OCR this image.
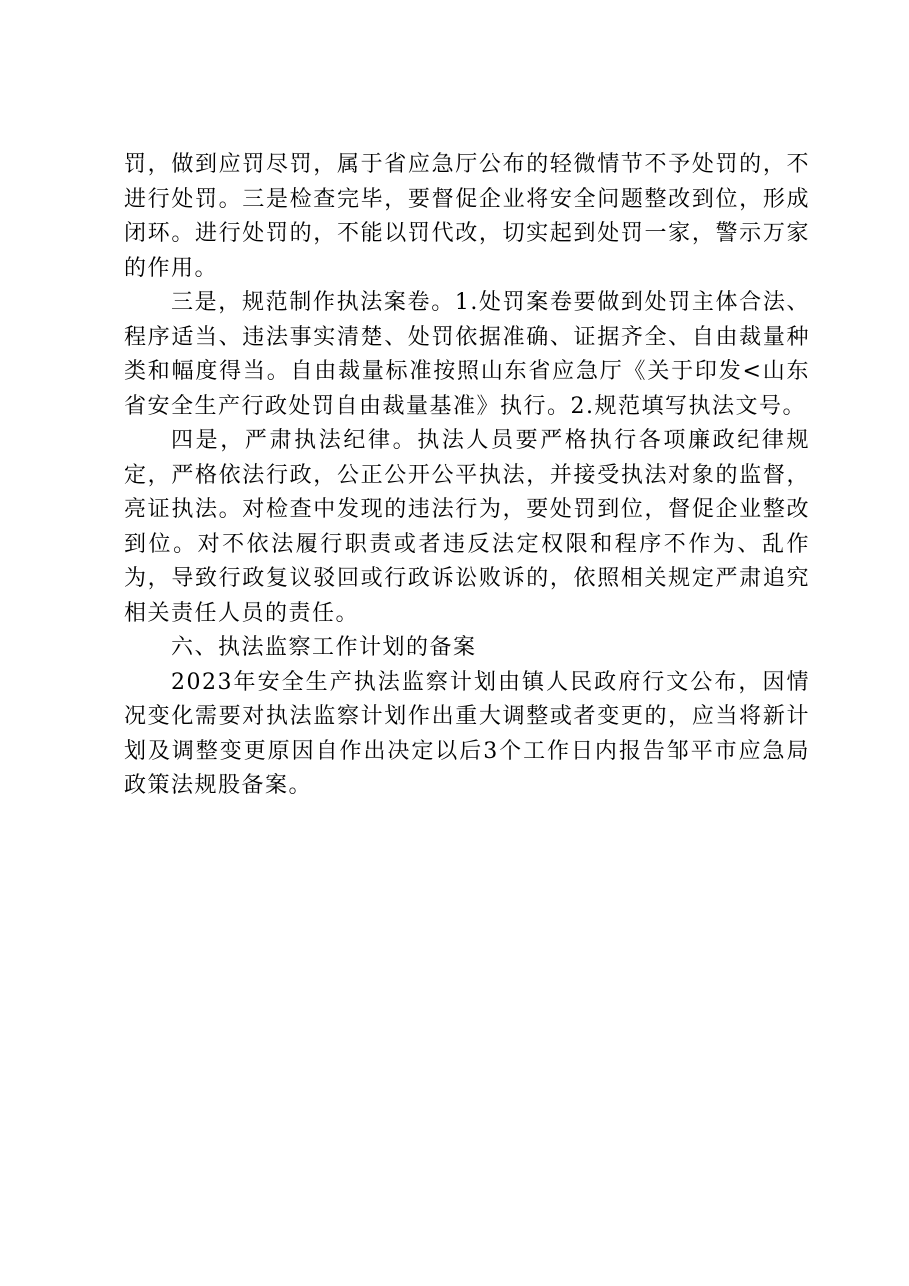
罚，做到应罚尽罚，属于省应急厅公布的轻微情节不予处罚的，不进行处罚。三是检查完毕，要督促企业将安全问题整改到位，形成闭环。进行处罚的，不能以罚代改，切实起到处罚一家，警示万家的作用。

三是，规范制作执法案卷。1.处罚案卷要做到处罚主体合法、程序适当、违法事实清楚、处罚依据准确、证据齐全、自由裁量种类和幅度得当。自由裁量标准按照山东省应急厅《关于印发<山东省安全生产行政处罚自由裁量基准》执行。2.规范填写执法文号。

四是，严肃执法纪律。执法人员要严格执行各项廉政纪律规定，严格依法行政，公正公开公平执法，并接受执法对象的监督，亮证执法。对检查中发现的违法行为，要处罚到位，督促企业整改到位。对不依法履行职责或者违反法定权限和程序不作为、乱作为，导致行政复议驳回或行政诉讼败诉的，依照相关规定严肃追究相关责任人员的责任。

六、执法监察工作计划的备案

2023年安全生产执法监察计划由镇人民政府行文公布，因情况变化需要对执法监察计划作出重大调整或者变更的，应当将新计划及调整变更原因自作出决定以后3个工作日内报告邹平市应急局政策法规股备案。
